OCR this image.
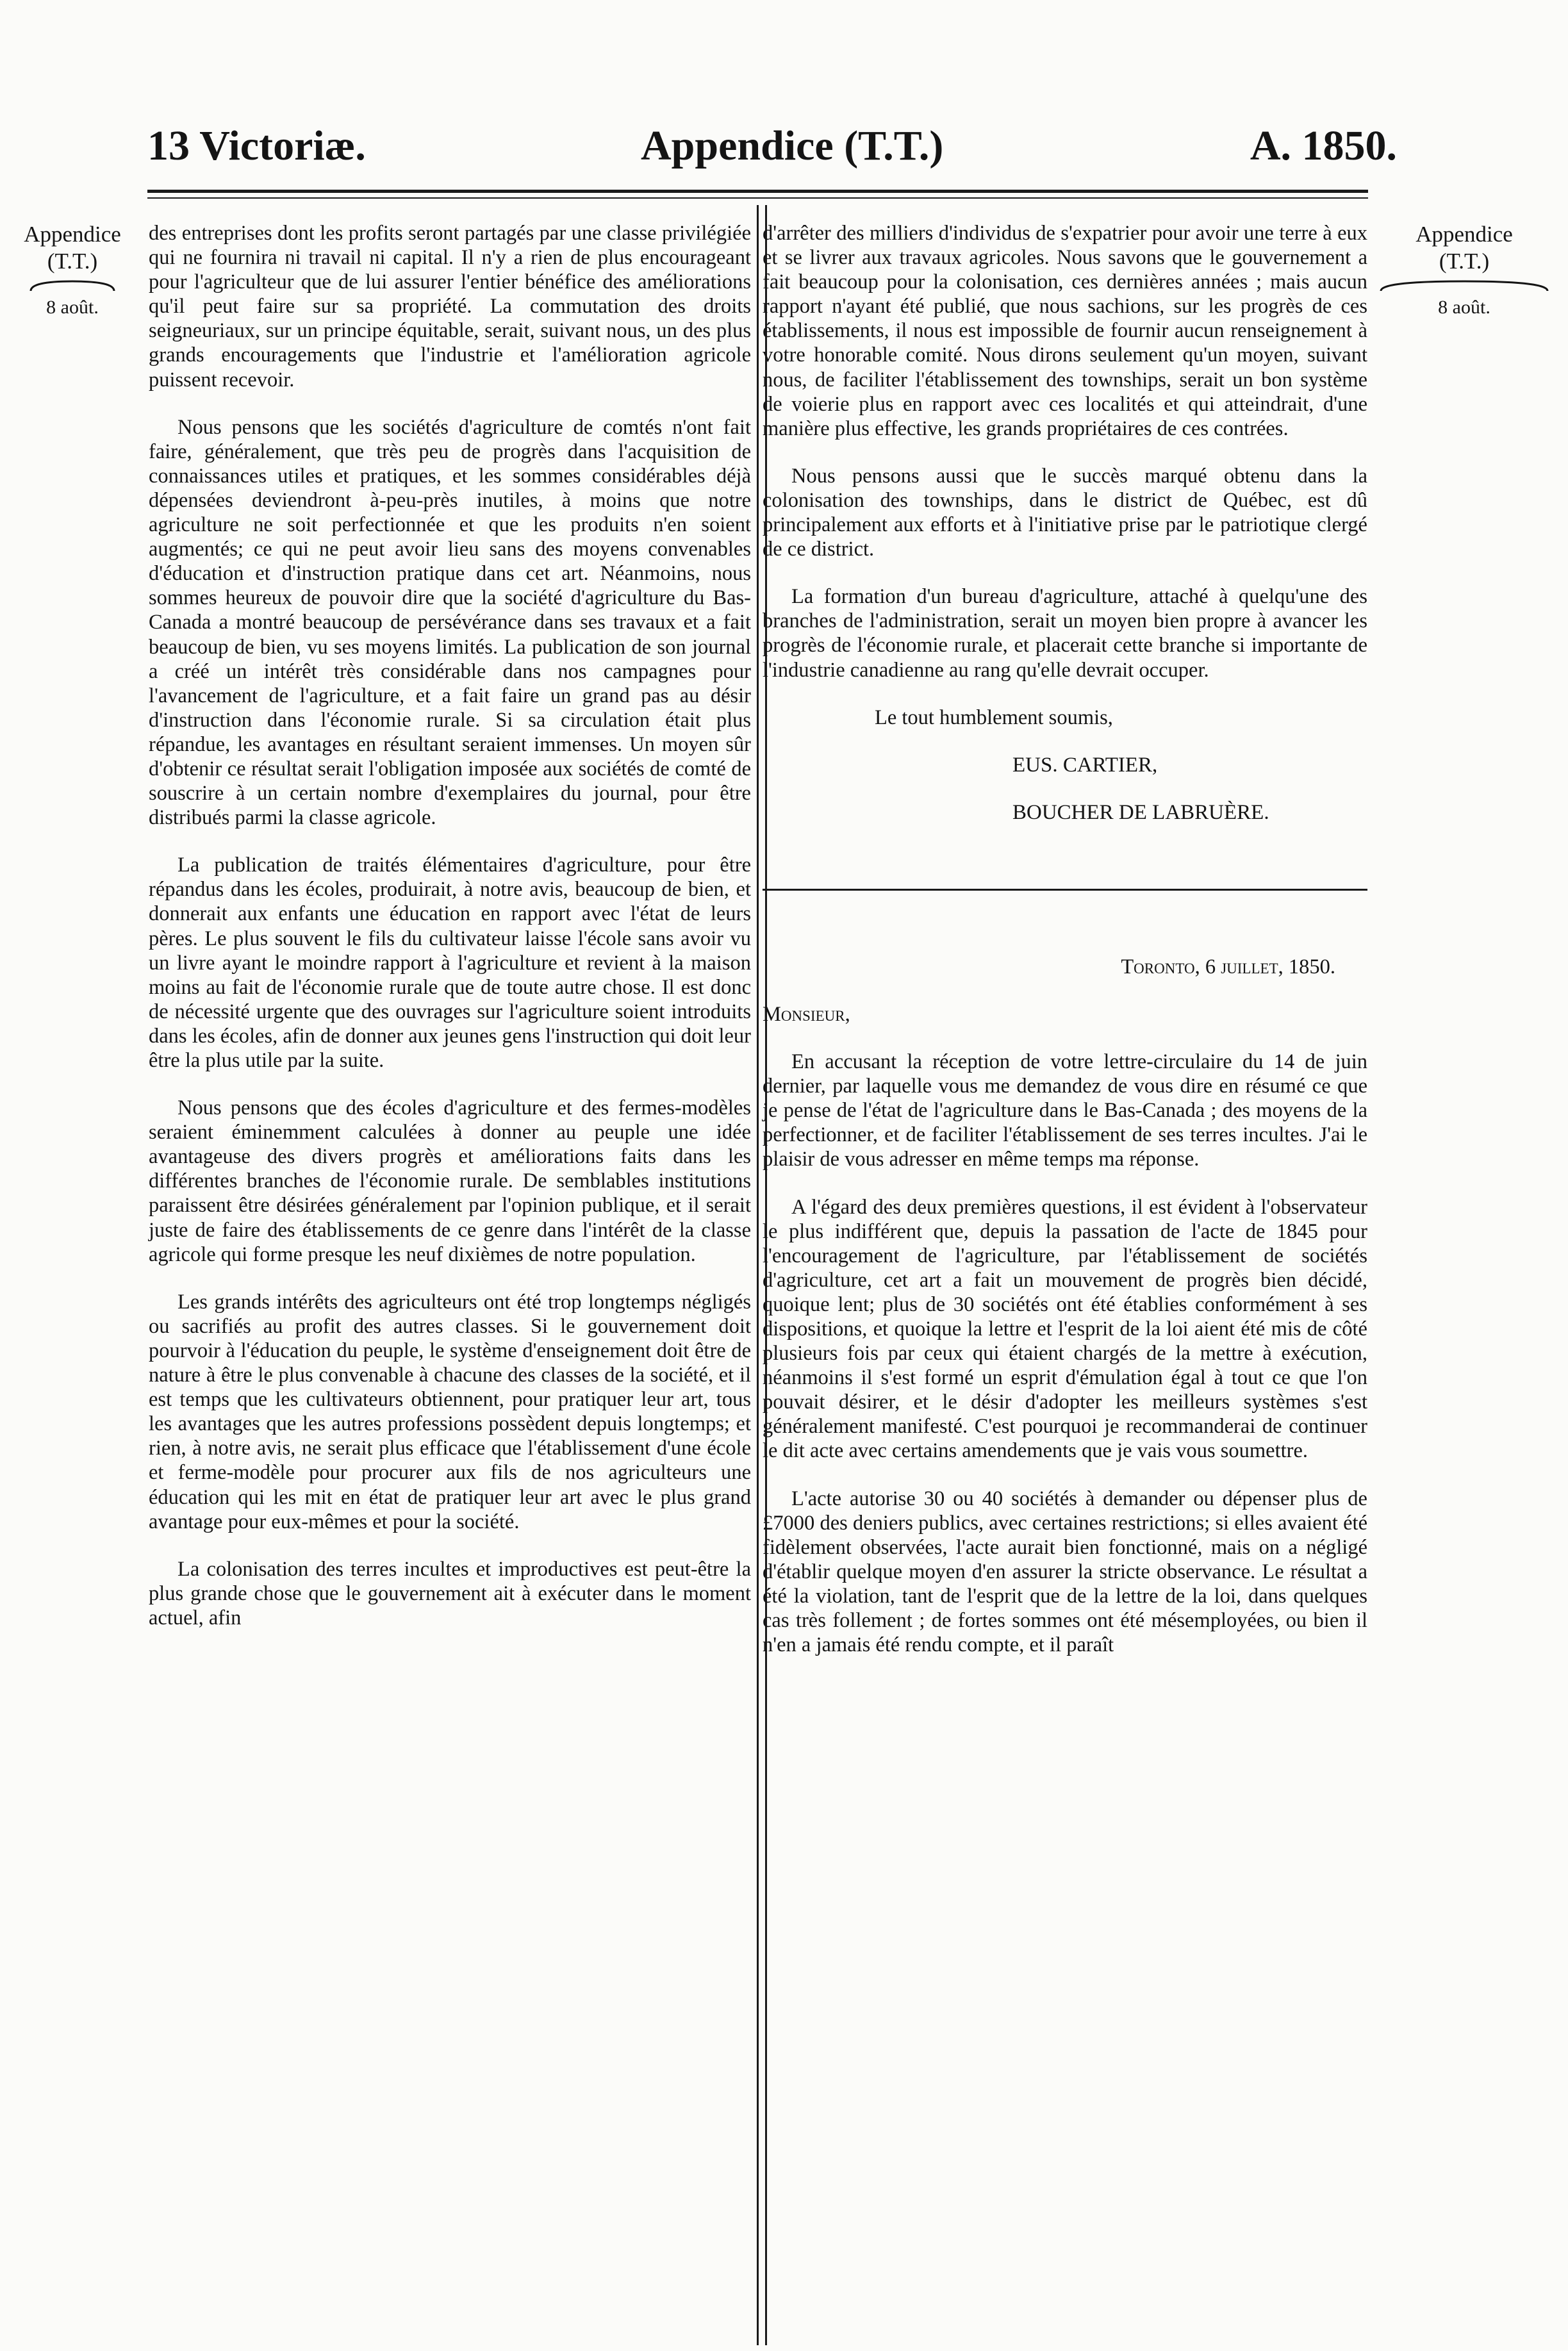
13 Victoriæ.	Appendice (T.T.)	A. 1850.
Appendice
(T.T.)
8 août.
Appendice
(T.T.)
8 août.

des entreprises dont les profits seront partagés par une classe privilégiée qui ne fournira ni travail ni capital. Il n'y a rien de plus encourageant pour l'agriculteur que de lui assurer l'entier bénéfice des améliorations qu'il peut faire sur sa propriété. La commutation des droits seigneuriaux, sur un principe équitable, serait, suivant nous, un des plus grands encouragements que l'industrie et l'amélioration agricole puissent recevoir.

Nous pensons que les sociétés d'agriculture de comtés n'ont fait faire, généralement, que très peu de progrès dans l'acquisition de connaissances utiles et pratiques, et les sommes considérables déjà dépensées deviendront à-peu-près inutiles, à moins que notre agriculture ne soit perfectionnée et que les produits n'en soient augmentés; ce qui ne peut avoir lieu sans des moyens convenables d'éducation et d'instruction pratique dans cet art. Néanmoins, nous sommes heureux de pouvoir dire que la société d'agriculture du Bas-Canada a montré beaucoup de persévérance dans ses travaux et a fait beaucoup de bien, vu ses moyens limités. La publication de son journal a créé un intérêt très considérable dans nos campagnes pour l'avancement de l'agriculture, et a fait faire un grand pas au désir d'instruction dans l'économie rurale. Si sa circulation était plus répandue, les avantages en résultant seraient immenses. Un moyen sûr d'obtenir ce résultat serait l'obligation imposée aux sociétés de comté de souscrire à un certain nombre d'exemplaires du journal, pour être distribués parmi la classe agricole.

La publication de traités élémentaires d'agriculture, pour être répandus dans les écoles, produirait, à notre avis, beaucoup de bien, et donnerait aux enfants une éducation en rapport avec l'état de leurs pères. Le plus souvent le fils du cultivateur laisse l'école sans avoir vu un livre ayant le moindre rapport à l'agriculture et revient à la maison moins au fait de l'économie rurale que de toute autre chose. Il est donc de nécessité urgente que des ouvrages sur l'agriculture soient introduits dans les écoles, afin de donner aux jeunes gens l'instruction qui doit leur être la plus utile par la suite.

Nous pensons que des écoles d'agriculture et des fermes-modèles seraient éminemment calculées à donner au peuple une idée avantageuse des divers progrès et améliorations faits dans les différentes branches de l'économie rurale. De semblables institutions paraissent être désirées généralement par l'opinion publique, et il serait juste de faire des établissements de ce genre dans l'intérêt de la classe agricole qui forme presque les neuf dixièmes de notre population.

Les grands intérêts des agriculteurs ont été trop longtemps négligés ou sacrifiés au profit des autres classes. Si le gouvernement doit pourvoir à l'éducation du peuple, le système d'enseignement doit être de nature à être le plus convenable à chacune des classes de la société, et il est temps que les cultivateurs obtiennent, pour pratiquer leur art, tous les avantages que les autres professions possèdent depuis longtemps; et rien, à notre avis, ne serait plus efficace que l'établissement d'une école et ferme-modèle pour procurer aux fils de nos agriculteurs une éducation qui les mit en état de pratiquer leur art avec le plus grand avantage pour eux-mêmes et pour la société.

La colonisation des terres incultes et improductives est peut-être la plus grande chose que le gouvernement ait à exécuter dans le moment actuel, afin

d'arrêter des milliers d'individus de s'expatrier pour avoir une terre à eux et se livrer aux travaux agricoles. Nous savons que le gouvernement a fait beaucoup pour la colonisation, ces dernières années ; mais aucun rapport n'ayant été publié, que nous sachions, sur les progrès de ces établissements, il nous est impossible de fournir aucun renseignement à votre honorable comité. Nous dirons seulement qu'un moyen, suivant nous, de faciliter l'établissement des townships, serait un bon système de voierie plus en rapport avec ces localités et qui atteindrait, d'une manière plus effective, les grands propriétaires de ces contrées.

Nous pensons aussi que le succès marqué obtenu dans la colonisation des townships, dans le district de Québec, est dû principalement aux efforts et à l'initiative prise par le patriotique clergé de ce district.

La formation d'un bureau d'agriculture, attaché à quelqu'une des branches de l'administration, serait un moyen bien propre à avancer les progrès de l'économie rurale, et placerait cette branche si importante de l'industrie canadienne au rang qu'elle devrait occuper.

Le tout humblement soumis,

EUS. CARTIER,

BOUCHER DE LABRUÈRE.

Toronto, 6 juillet, 1850.

Monsieur,

En accusant la réception de votre lettre-circulaire du 14 de juin dernier, par laquelle vous me demandez de vous dire en résumé ce que je pense de l'état de l'agriculture dans le Bas-Canada ; des moyens de la perfectionner, et de faciliter l'établissement de ses terres incultes. J'ai le plaisir de vous adresser en même temps ma réponse.

A l'égard des deux premières questions, il est évident à l'observateur le plus indifférent que, depuis la passation de l'acte de 1845 pour l'encouragement de l'agriculture, par l'établissement de sociétés d'agriculture, cet art a fait un mouvement de progrès bien décidé, quoique lent; plus de 30 sociétés ont été établies conformément à ses dispositions, et quoique la lettre et l'esprit de la loi aient été mis de côté plusieurs fois par ceux qui étaient chargés de la mettre à exécution, néanmoins il s'est formé un esprit d'émulation égal à tout ce que l'on pouvait désirer, et le désir d'adopter les meilleurs systèmes s'est généralement manifesté. C'est pourquoi je recommanderai de continuer le dit acte avec certains amendements que je vais vous soumettre.

L'acte autorise 30 ou 40 sociétés à demander ou dépenser plus de £7000 des deniers publics, avec certaines restrictions; si elles avaient été fidèlement observées, l'acte aurait bien fonctionné, mais on a négligé d'établir quelque moyen d'en assurer la stricte observance. Le résultat a été la violation, tant de l'esprit que de la lettre de la loi, dans quelques cas très follement ; de fortes sommes ont été mésemployées, ou bien il n'en a jamais été rendu compte, et il paraît
